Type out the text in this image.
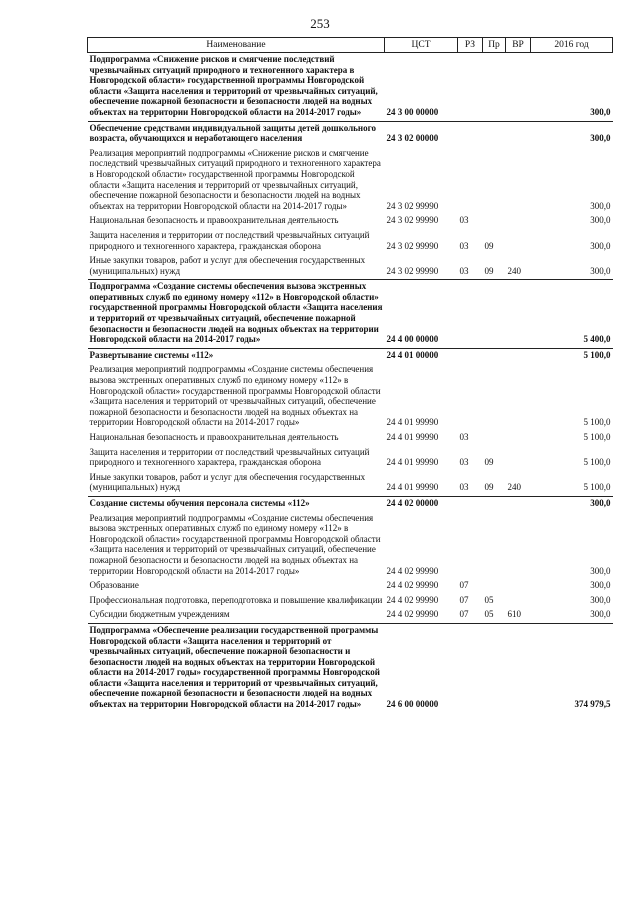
253
Наименование	ЦСТ	РЗ	Пр	ВР	2016 год
Подпрограмма «Снижение рисков и смягчение последствий чрезвычайных ситуаций природного и техногенного характера в Новгородской области» государственной программы Новгородской области «Защита населения и территорий от чрезвычайных ситуаций, обеспечение пожарной безопасности и безопасности людей на водных объектах на территории Новгородской области на 2014-2017 годы»	24 3 00 00000				300,0
Обеспечение средствами индивидуальной защиты детей дошкольного возраста, обучающихся и неработающего населения	24 3 02 00000				300,0
Реализация мероприятий подпрограммы «Снижение рисков и смягчение последствий чрезвычайных ситуаций природного и техногенного характера в Новгородской области» государственной программы Новгородской области «Защита населения и территорий от чрезвычайных ситуаций, обеспечение пожарной безопасности и безопасности людей на водных объектах на территории Новгородской области на 2014-2017 годы»	24 3 02 99990				300,0
Национальная безопасность и правоохранительная деятельность	24 3 02 99990	03			300,0
Защита населения и территории от последствий чрезвычайных ситуаций природного и техногенного характера, гражданская оборона	24 3 02 99990	03	09		300,0
Иные закупки товаров, работ и услуг для обеспечения государственных (муниципальных) нужд	24 3 02 99990	03	09	240	300,0
Подпрограмма «Создание системы обеспечения вызова экстренных оперативных служб по единому номеру «112» в Новгородской области» государственной программы Новгородской области «Защита населения и территорий от чрезвычайных ситуаций, обеспечение пожарной безопасности и безопасности людей на водных объектах на территории Новгородской области на 2014-2017 годы»	24 4 00 00000				5 400,0
Развертывание системы «112»	24 4 01 00000				5 100,0
Реализация мероприятий подпрограммы «Создание системы обеспечения вызова экстренных оперативных служб по единому номеру «112» в Новгородской области» государственной программы Новгородской области «Защита населения и территорий от чрезвычайных ситуаций, обеспечение пожарной безопасности и безопасности людей на водных объектах на территории Новгородской области на 2014-2017 годы»	24 4 01 99990				5 100,0
Национальная безопасность и правоохранительная деятельность	24 4 01 99990	03			5 100,0
Защита населения и территории от последствий чрезвычайных ситуаций природного и техногенного характера, гражданская оборона	24 4 01 99990	03	09		5 100,0
Иные закупки товаров, работ и услуг для обеспечения государственных (муниципальных) нужд	24 4 01 99990	03	09	240	5 100,0
Создание системы обучения персонала системы «112»	24 4 02 00000				300,0
Реализация мероприятий подпрограммы «Создание системы обеспечения вызова экстренных оперативных служб по единому номеру «112» в Новгородской области» государственной программы Новгородской области «Защита населения и территорий от чрезвычайных ситуаций, обеспечение пожарной безопасности и безопасности людей на водных объектах на территории Новгородской области на 2014-2017 годы»	24 4 02 99990				300,0
Образование	24 4 02 99990	07			300,0
Профессиональная подготовка, переподготовка и повышение квалификации	24 4 02 99990	07	05		300,0
Субсидии бюджетным учреждениям	24 4 02 99990	07	05	610	300,0
Подпрограмма «Обеспечение реализации государственной программы Новгородской области «Защита населения и территорий от чрезвычайных ситуаций, обеспечение пожарной безопасности и безопасности людей на водных объектах на территории Новгородской области на 2014-2017 годы» государственной программы Новгородской области «Защита населения и территорий от чрезвычайных ситуаций, обеспечение пожарной безопасности и безопасности людей на водных объектах на территории Новгородской области на 2014-2017 годы»	24 6 00 00000				374 979,5
